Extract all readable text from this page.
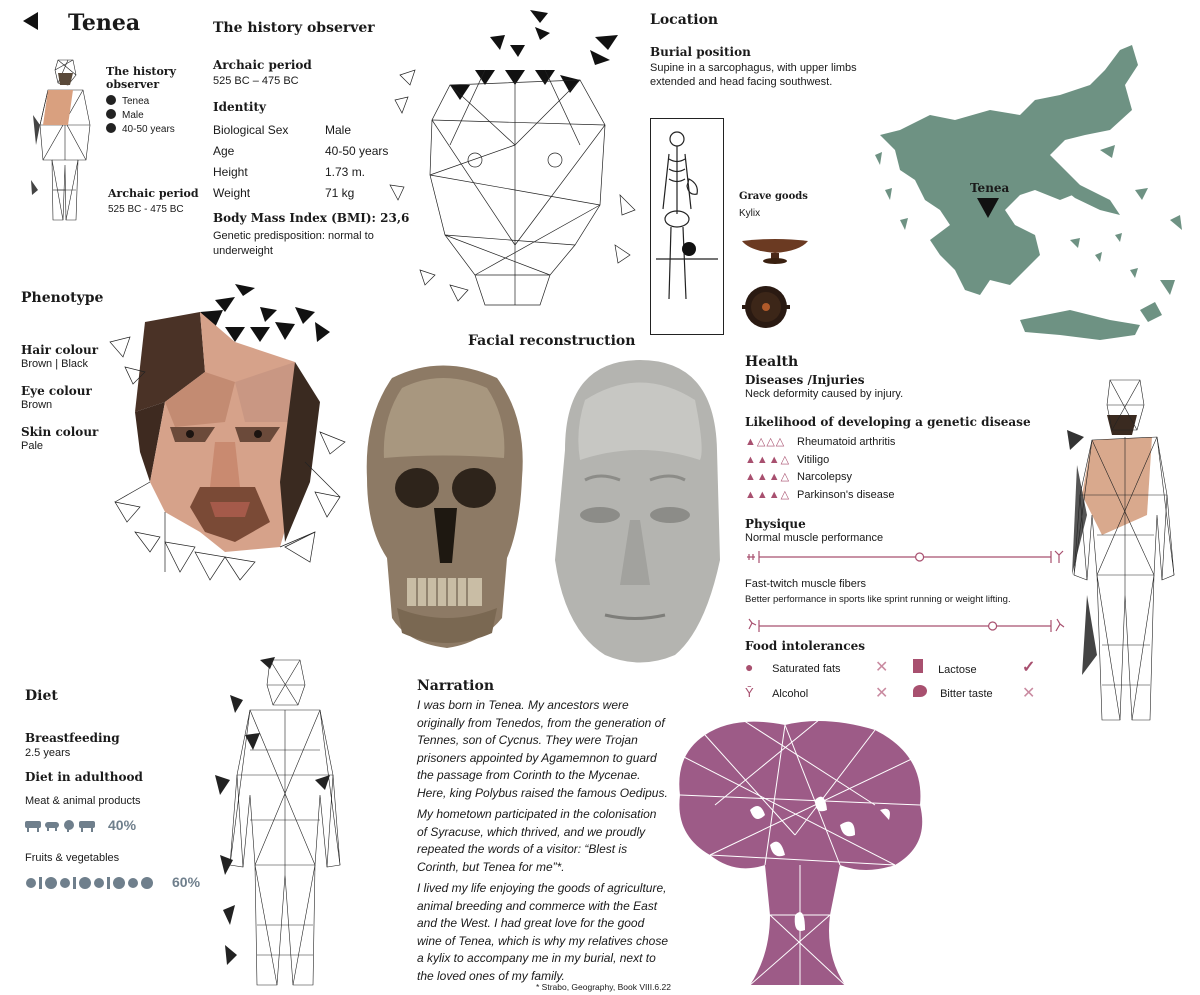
Tenea
The history
observer
Tenea
Male
40-50 years
Archaic period
525 BC - 475 BC
The history observer
Archaic period
525 BC – 475 BC
Identity
Biological Sex	Male
Age	40-50 years
Height	1.73 m.
Weight	71 kg
Body Mass Index (BMI): 23,6
Genetic predisposition: normal to
underweight
Location
Burial position
Supine in a sarcophagus, with upper limbs
extended and head facing southwest.
Grave goods
Kylix
Tenea
Phenotype
Hair colour
Brown | Black
Eye colour
Brown
Skin colour
Pale
Facial reconstruction
Health
Diseases /Injuries
Neck deformity caused by injury.
Likelihood of developing a genetic disease
▲△△△ Rheumatoid arthritis
▲▲▲△ Vitiligo
▲▲▲△ Narcolepsy
▲▲▲△ Parkinson's disease
Physique
Normal muscle performance
Fast-twitch muscle fibers
Better performance in sports like sprint running or weight lifting.
Food intolerances
● Saturated fats ✕	Lactose	✓
Ῡ Alcohol	✕	Bitter taste ✕
Diet
Breastfeeding
2.5 years
Diet in adulthood
Meat & animal products
40%
Fruits & vegetables
60%
Narration

I was born in Tenea. My ancestors were originally from Tenedos, from the generation of Tennes, son of Cycnus. They were Trojan prisoners appointed by Agamemnon to guard the passage from Corinth to the Mycenae. Here, king Polybus raised the famous Oedipus.

My hometown participated in the colonisation of Syracuse, which thrived, and we proudly repeated the words of a visitor: “Blest is Corinth, but Tenea for me”*.

I lived my life enjoying the goods of agriculture, animal breeding and commerce with the East and the West. I had great love for the good wine of Tenea, which is why my relatives chose a kylix to accompany me in my burial, next to the loved ones of my family.

* Strabo, Geography, Book VIII.6.22
